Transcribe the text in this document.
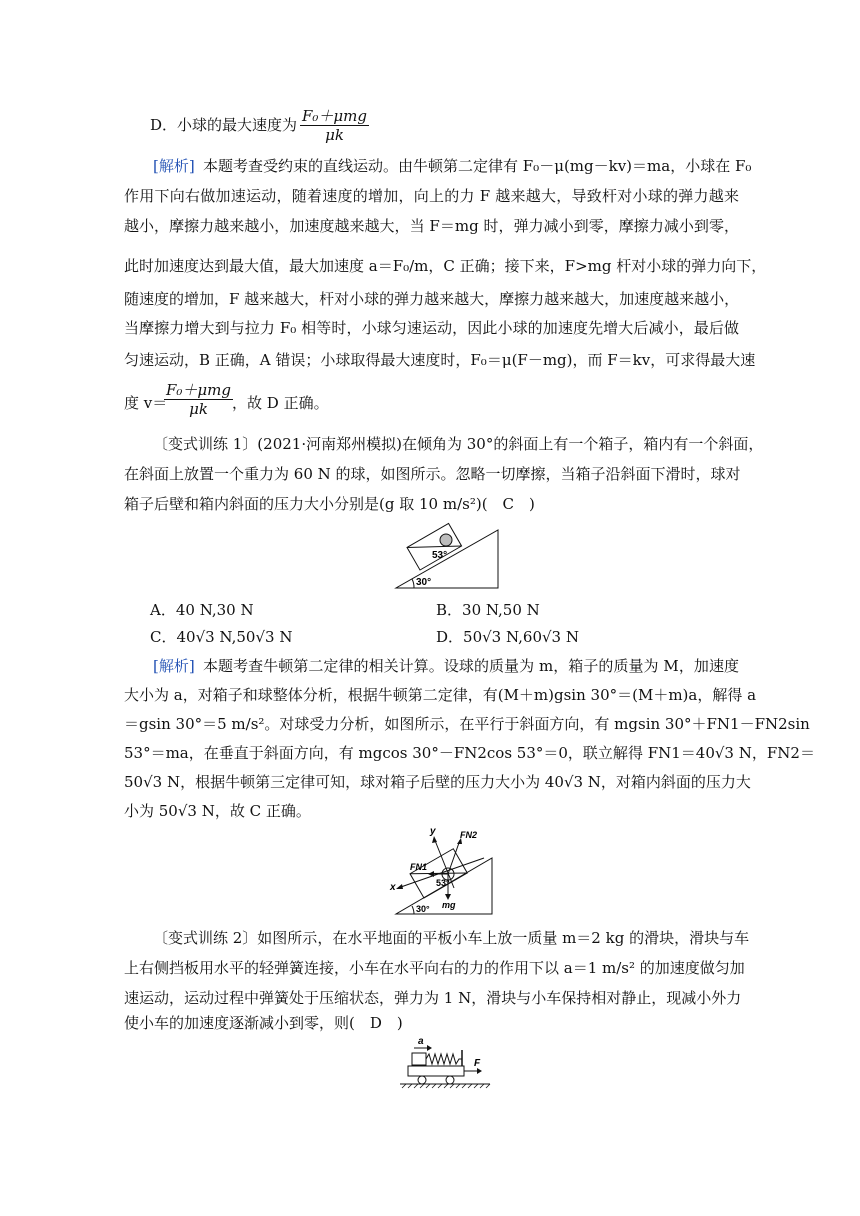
D．小球的最大速度为 F₀＋μmg
μk
[解析] 本题考查受约束的直线运动。由牛顿第二定律有 F₀－μ(mg－kv)＝ma，小球在 F₀
作用下向右做加速运动，随着速度的增加，向上的力 F 越来越大，导致杆对小球的弹力越来
越小，摩擦力越来越小，加速度越来越大，当 F＝mg 时，弹力减小到零，摩擦力减小到零，
此时加速度达到最大值，最大加速度 a＝F₀/m，C 正确；接下来，F>mg 杆对小球的弹力向下，
随速度的增加，F 越来越大，杆对小球的弹力越来越大，摩擦力越来越大，加速度越来越小，
当摩擦力增大到与拉力 F₀ 相等时，小球匀速运动，因此小球的加速度先增大后减小，最后做
匀速运动，B 正确，A 错误；小球取得最大速度时，F₀＝μ(F－mg)，而 F＝kv，可求得最大速
度 v＝
F₀＋μmg
μk	，故 D 正确。
〔变式训练 1〕(2021·河南郑州模拟)在倾角为 30°的斜面上有一个箱子，箱内有一个斜面，
在斜面上放置一个重力为 60 N 的球，如图所示。忽略一切摩擦，当箱子沿斜面下滑时，球对
箱子后壁和箱内斜面的压力大小分别是(g 取 10 m/s²)(　C　)
53°
30°
A．40 N,30 N	B．30 N,50 N
C．40√3 N,50√3 N	D．50√3 N,60√3 N
[解析] 本题考查牛顿第二定律的相关计算。设球的质量为 m，箱子的质量为 M，加速度
大小为 a，对箱子和球整体分析，根据牛顿第二定律，有(M＋m)gsin 30°＝(M＋m)a，解得 a
＝gsin 30°＝5 m/s²。对球受力分析，如图所示，在平行于斜面方向，有 mgsin 30°＋FN1－FN2sin
53°＝ma，在垂直于斜面方向，有 mgcos 30°－FN2cos 53°＝0，联立解得 FN1＝40√3 N，FN2＝
50√3 N，根据牛顿第三定律可知，球对箱子后壁的压力大小为 40√3 N，对箱内斜面的压力大
小为 50√3 N，故 C 正确。
y
x
FN2
FN1
53°
mg
30°
〔变式训练 2〕如图所示，在水平地面的平板小车上放一质量 m＝2 kg 的滑块，滑块与车
上右侧挡板用水平的轻弹簧连接，小车在水平向右的力的作用下以 a＝1 m/s² 的加速度做匀加
速运动，运动过程中弹簧处于压缩状态，弹力为 1 N，滑块与小车保持相对静止，现减小外力
使小车的加速度逐渐减小到零，则(　D　)
a
F
